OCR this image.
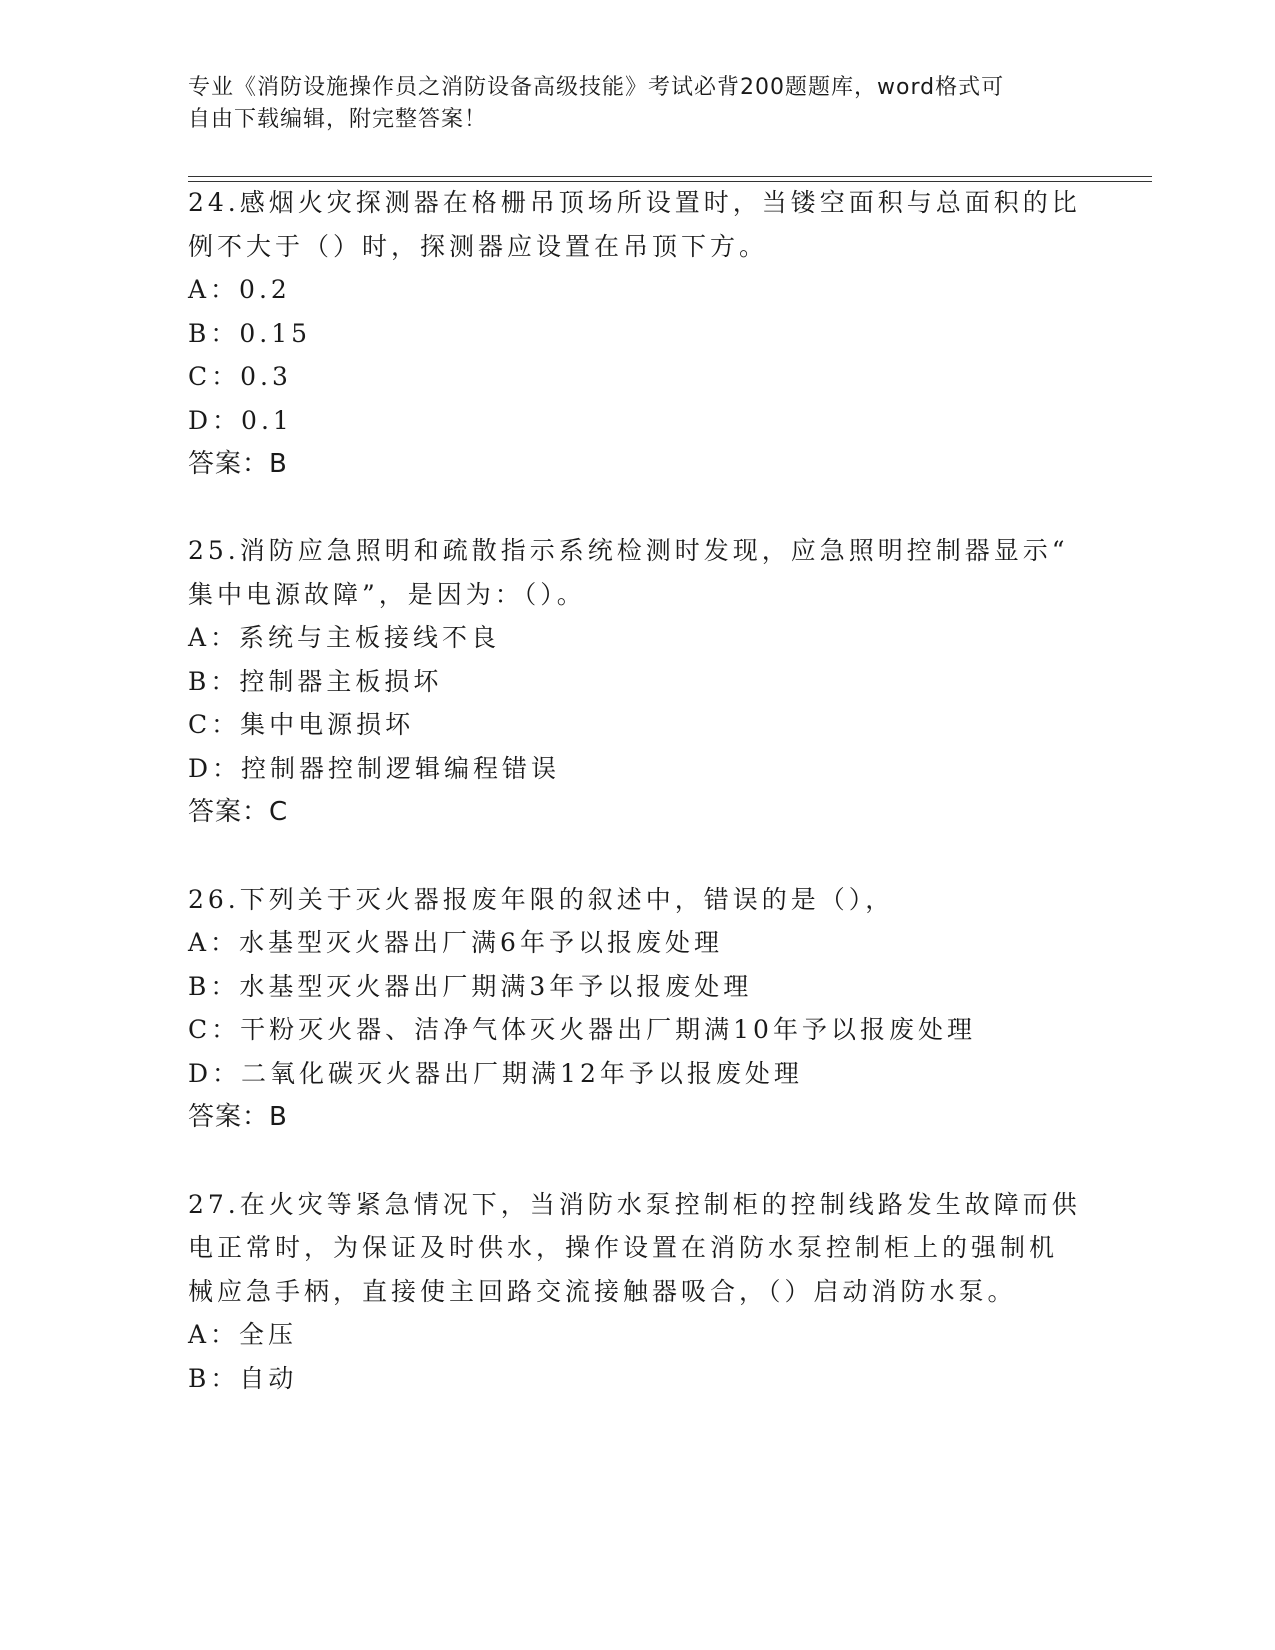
专业《消防设施操作员之消防设备高级技能》考试必背200题题库，word格式可
自由下载编辑，附完整答案！
24.感烟火灾探测器在格栅吊顶场所设置时，当镂空面积与总面积的比
例不大于（）时，探测器应设置在吊顶下方。
A：0.2
B：0.15
C：0.3
D：0.1
答案：B
25.消防应急照明和疏散指示系统检测时发现，应急照明控制器显示“
集中电源故障”，是因为：（）。
A：系统与主板接线不良
B：控制器主板损坏
C：集中电源损坏
D：控制器控制逻辑编程错误
答案：C
26.下列关于灭火器报废年限的叙述中，错误的是（），
A：水基型灭火器出厂满6年予以报废处理
B：水基型灭火器出厂期满3年予以报废处理
C：干粉灭火器、洁净气体灭火器出厂期满10年予以报废处理
D：二氧化碳灭火器出厂期满12年予以报废处理
答案：B
27.在火灾等紧急情况下，当消防水泵控制柜的控制线路发生故障而供
电正常时，为保证及时供水，操作设置在消防水泵控制柜上的强制机
械应急手柄，直接使主回路交流接触器吸合，（）启动消防水泵。
A：全压
B：自动
